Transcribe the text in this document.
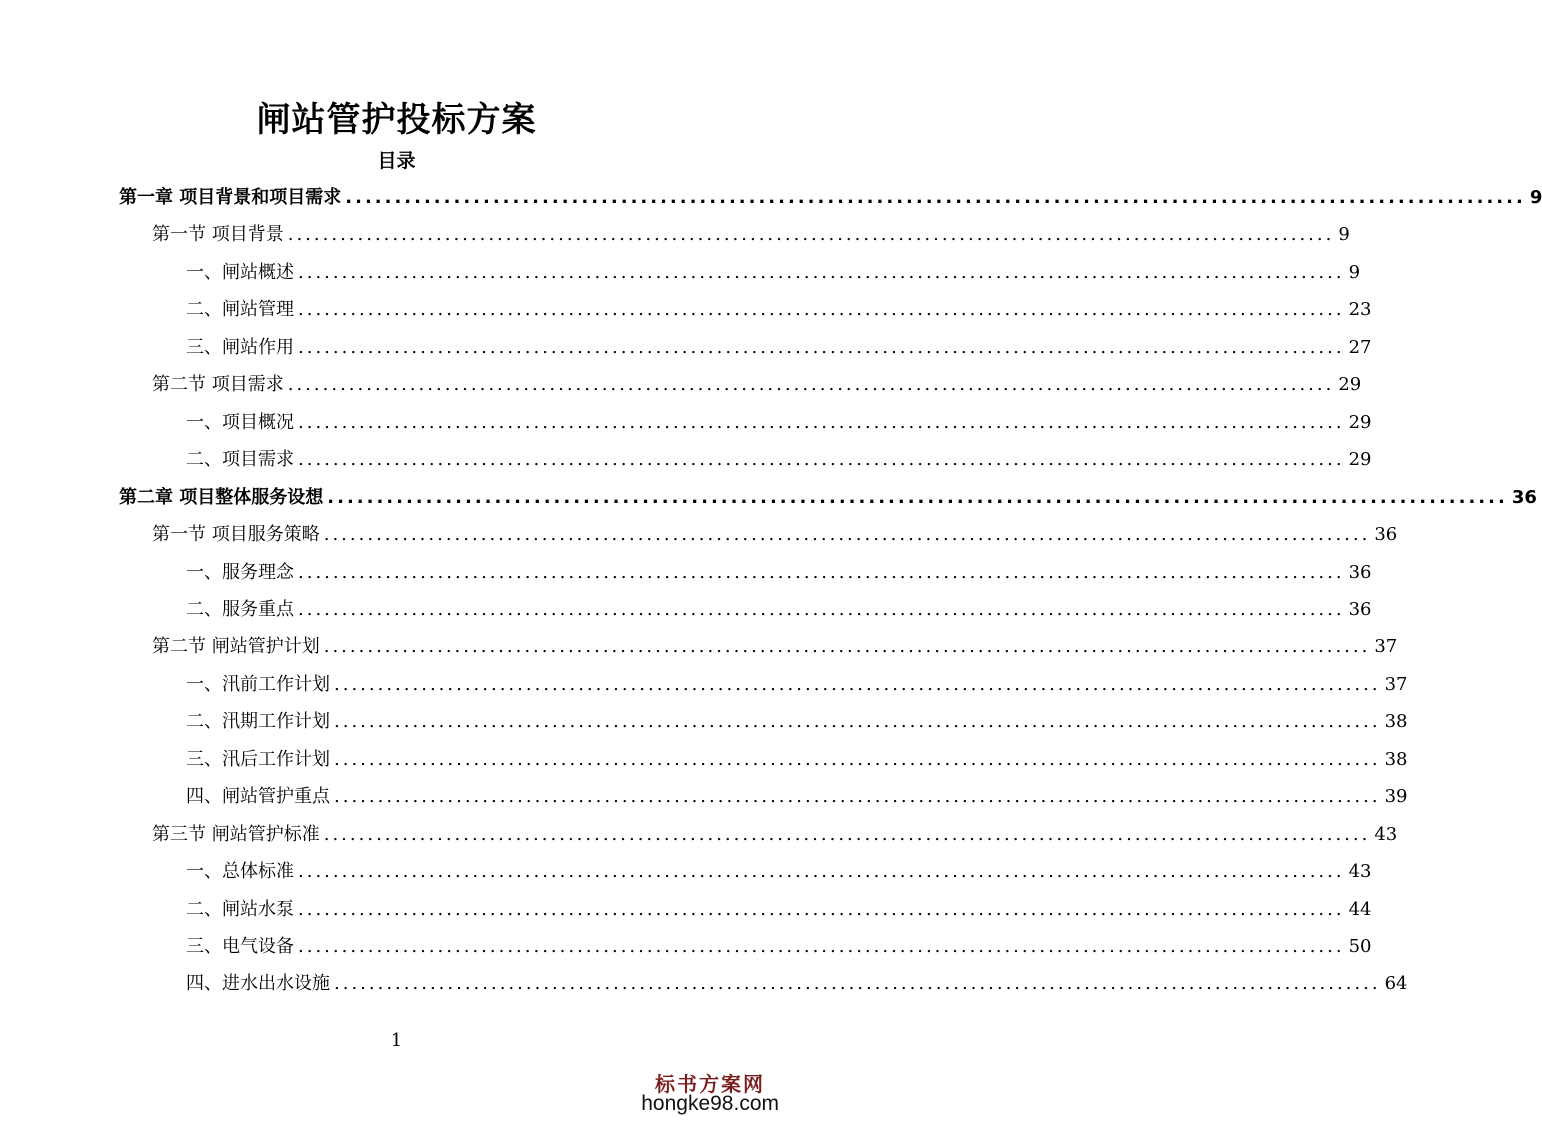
闸站管护投标方案
目录
第一章 项目背景和项目需求 ........................................................................................................................ 9
第一节 项目背景 ........................................................................................................................ 9
一、闸站概述 ........................................................................................................................ 9
二、闸站管理 ........................................................................................................................ 23
三、闸站作用 ........................................................................................................................ 27
第二节 项目需求 ........................................................................................................................ 29
一、项目概况 ........................................................................................................................ 29
二、项目需求 ........................................................................................................................ 29
第二章 项目整体服务设想 ........................................................................................................................ 36
第一节 项目服务策略 ........................................................................................................................ 36
一、服务理念 ........................................................................................................................ 36
二、服务重点 ........................................................................................................................ 36
第二节 闸站管护计划 ........................................................................................................................ 37
一、汛前工作计划 ........................................................................................................................ 37
二、汛期工作计划 ........................................................................................................................ 38
三、汛后工作计划 ........................................................................................................................ 38
四、闸站管护重点 ........................................................................................................................ 39
第三节 闸站管护标准 ........................................................................................................................ 43
一、总体标准 ........................................................................................................................ 43
二、闸站水泵 ........................................................................................................................ 44
三、电气设备 ........................................................................................................................ 50
四、进水出水设施 ........................................................................................................................ 64
1
标书方案网
hongke98.com
